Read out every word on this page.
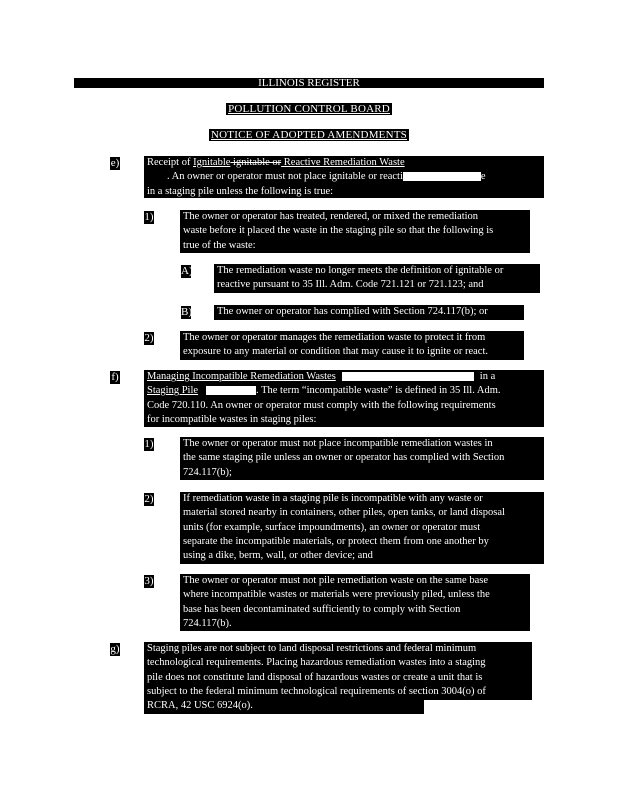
ILLINOIS REGISTER
POLLUTION CONTROL BOARD
NOTICE OF ADOPTED AMENDMENTS
e)	Receipt of Ignitable ignitable or Reactive Remediation Waste

. An owner or operator must not place ignitable or reacti	e

in a staging pile unless the following is true:

1)	The owner or operator has treated, rendered, or mixed the remediation

waste before it placed the waste in the staging pile so that the following is

true of the waste:

A) The remediation waste no longer meets the definition of ignitable or

reactive pursuant to 35 Ill. Adm. Code 721.121 or 721.123; and

B) The owner or operator has complied with Section 724.117(b); or

2)	The owner or operator manages the remediation waste to protect it from

exposure to any material or condition that may cause it to ignite or react.

f)	Managing Incompatible Remediation Wastes	in a

Staging Pile	. The term “incompatible waste” is defined in 35 Ill. Adm.

Code 720.110. An owner or operator must comply with the following requirements

for incompatible wastes in staging piles:

1)	The owner or operator must not place incompatible remediation wastes in

the same staging pile unless an owner or operator has complied with Section

724.117(b);

2)	If remediation waste in a staging pile is incompatible with any waste or

material stored nearby in containers, other piles, open tanks, or land disposal

units (for example, surface impoundments), an owner or operator must

separate the incompatible materials, or protect them from one another by

using a dike, berm, wall, or other device; and

3)	The owner or operator must not pile remediation waste on the same base

where incompatible wastes or materials were previously piled, unless the

base has been decontaminated sufficiently to comply with Section

724.117(b).

g)	Staging piles are not subject to land disposal restrictions and federal minimum

technological requirements. Placing hazardous remediation wastes into a staging

pile does not constitute land disposal of hazardous wastes or create a unit that is

subject to the federal minimum technological requirements of section 3004(o) of

RCRA, 42 USC 6924(o).
